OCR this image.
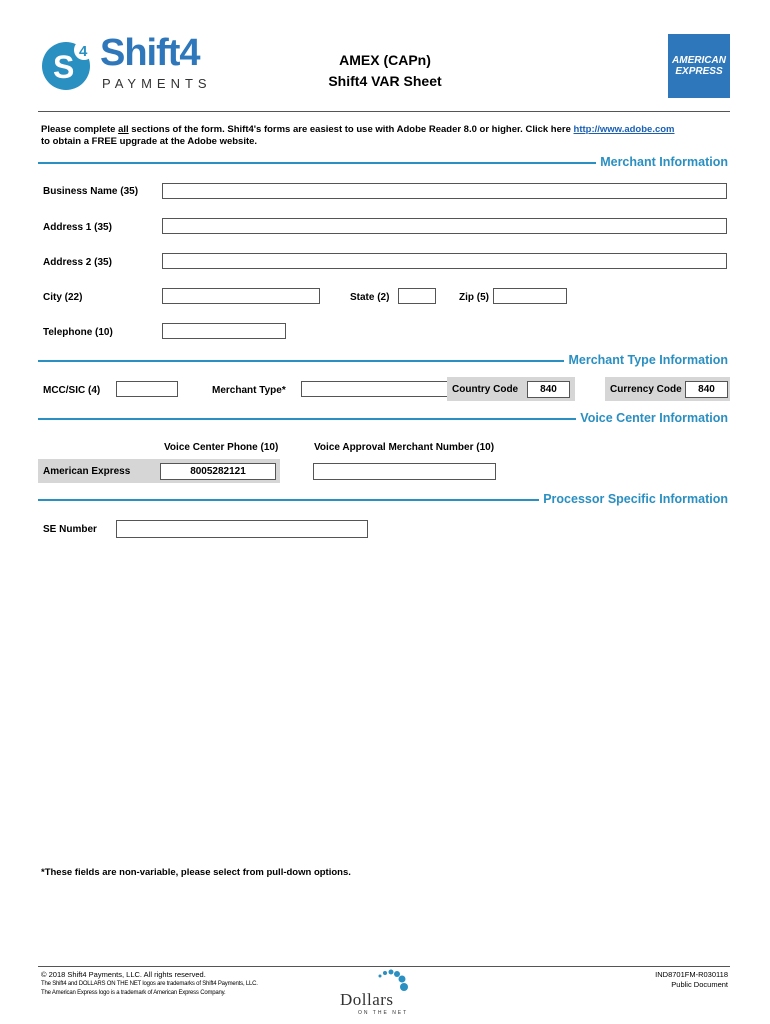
S 4 Shift4
PAYMENTS
AMEX (CAPn)
Shift4 VAR Sheet
AMERICAN
EXPRESS
Please complete all sections of the form. Shift4's forms are easiest to use with Adobe Reader 8.0 or higher. Click here http://www.adobe.com
to obtain a FREE upgrade at the Adobe website.
Merchant Information
Business Name (35)
Address 1 (35)
Address 2 (35)
City (22)	State (2)	Zip (5)
Telephone (10)
Merchant Type Information
MCC/SIC (4)	Merchant Type*	Country Code	840	Currency Code	840
Voice Center Information
Voice Center Phone (10)	Voice Approval Merchant Number (10)
American Express	8005282121
Processor Specific Information
SE Number
*These fields are non-variable, please select from pull-down options.
© 2018 Shift4 Payments, LLC. All rights reserved.
The Shift4 and DOLLARS ON THE NET logos are trademarks of Shift4 Payments, LLC.
The American Express logo is a trademark of American Express Company.	Dollars
ON THE NET
IND8701FM-R030118
Public Document
